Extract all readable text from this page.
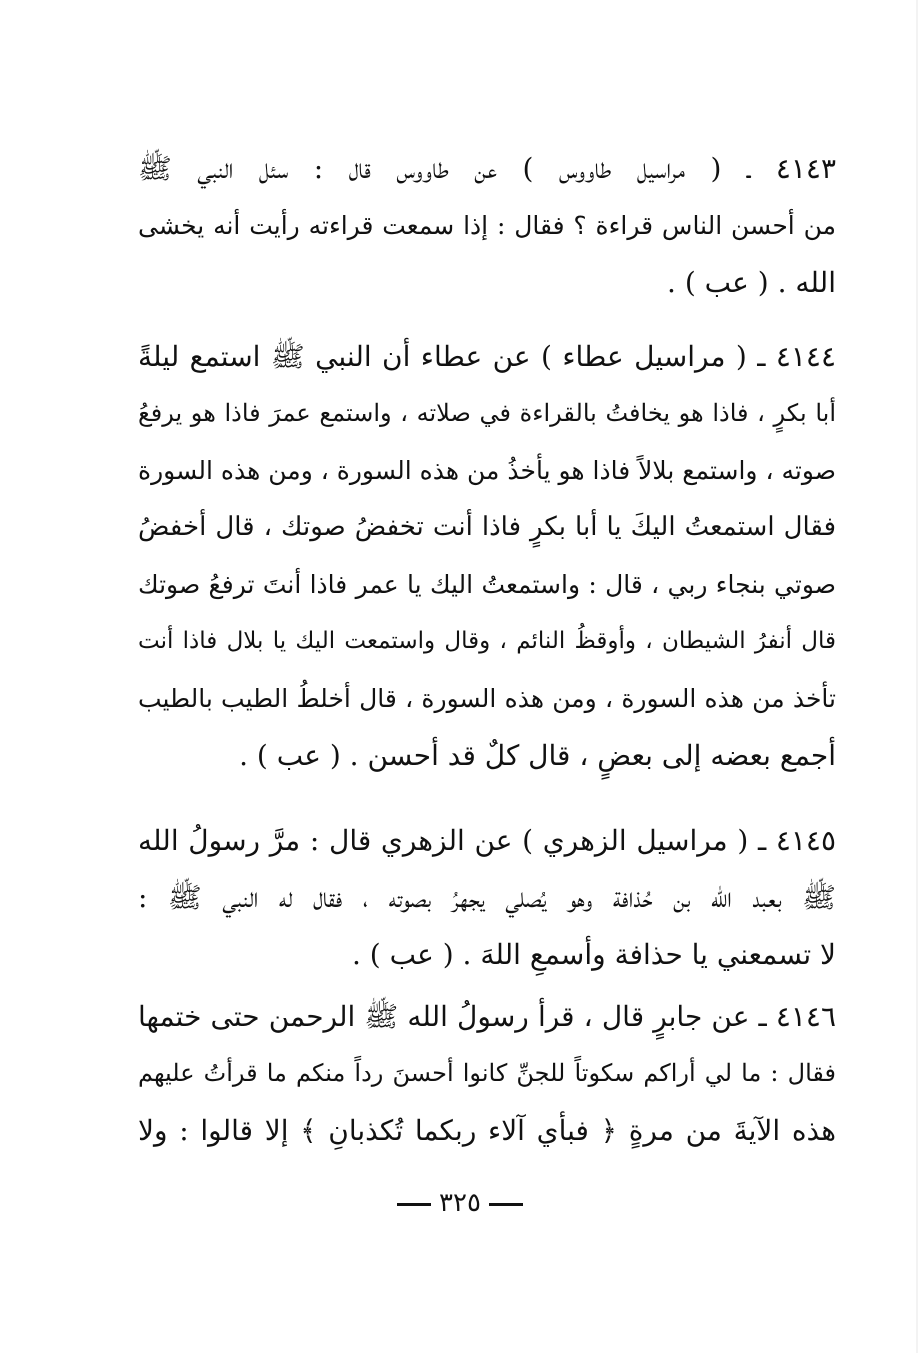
٤١٤٣ ـ ( مراسيل طاووس ) عن طاووس قال : سئل النبي ﷺ
من أحسن الناس قراءة ؟ فقال : إذا سمعت قراءته رأيت أنه يخشى
الله . ( عب ) .
٤١٤٤ ـ ( مراسيل عطاء ) عن عطاء أن النبي ﷺ استمع ليلةً
أبا بكرٍ ، فاذا هو يخافتُ بالقراءة في صلاته ، واستمع عمرَ فاذا هو يرفعُ
صوته ، واستمع بلالاً فاذا هو يأخذُ من هذه السورة ، ومن هذه السورة
فقال استمعتُ اليكَ يا أبا بكرٍ فاذا أنت تخفضُ صوتك ، قال أخفضُ
صوتي بنجاء ربي ، قال : واستمعتُ اليك يا عمر فاذا أنتَ ترفعُ صوتك
قال أنفرُ الشيطان ، وأوقظُ النائم ، وقال واستمعت اليك يا بلال فاذا أنت
تأخذ من هذه السورة ، ومن هذه السورة ، قال أخلطُ الطيب بالطيب
أجمع بعضه إلى بعضٍ ، قال كلٌ قد أحسن . ( عب ) .
٤١٤٥ ـ ( مراسيل الزهري ) عن الزهري قال : مرَّ رسولُ الله
ﷺ بعبد الله بن حُذافة وهو يُصلي يجهرُ بصوته ، فقال له النبي ﷺ :
لا تسمعني يا حذافة وأسمعِ اللهَ . ( عب ) .
٤١٤٦ ـ عن جابرٍ قال ، قرأ رسولُ الله ﷺ الرحمن حتى ختمها
فقال : ما لي أراكم سكوتاً للجنِّ كانوا أحسنَ رداً منكم ما قرأتُ عليهم
هذه الآيةَ من مرةٍ ﴿ فبأي آلاء ربكما تُكذبانِ ﴾ إلا قالوا : ولا
٣٢٥
